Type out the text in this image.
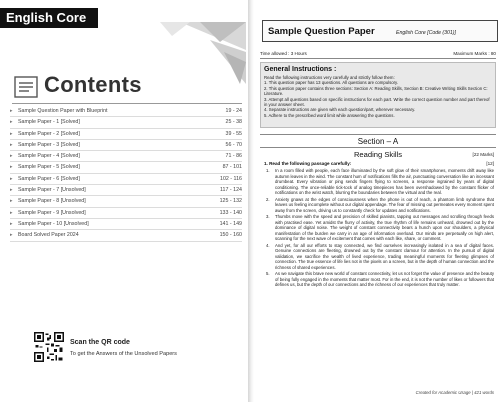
English Core
Contents
▸	Sample Question Paper with Blueprint	19 - 24
▸	Sample Paper - 1 [Solved]	25 - 38
▸	Sample Paper - 2 [Solved]	39 - 55
▸	Sample Paper - 3 [Solved]	56 - 70
▸	Sample Paper - 4 [Solved]	71 - 86
▸	Sample Paper - 5 [Solved]	87 - 101
▸	Sample Paper - 6 [Solved]	102 - 116
▸	Sample Paper - 7 [Unsolved]	117 - 124
▸	Sample Paper - 8 [Unsolved]	125 - 132
▸	Sample Paper - 9 [Unsolved]	133 - 140
▸	Sample Paper - 10 [Unsolved]	141 - 149
▸	Board Solved Paper 2024	150 - 160
Scan the QR code
To get the Answers of the Unsolved Papers
Sample Question Paper	English Core [Code (301)]
Time allowed : 3 Hours	Maximum Marks : 80
General Instructions :

Read the following instructions very carefully and strictly follow them:

1. This question paper has 13 questions. All questions are compulsory.

2. This question paper contains three sections: Section A: Reading Skills, Section B: Creative Writing Skills Section C: Literature.

3. Attempt all questions based on specific instructions for each part. Write the correct question number and part thereof in your answer sheet.

4. Separate instructions are given with each question/part, wherever necessary.

5. Adhere to the prescribed word limit while answering the questions.

Section – A
Reading Skills	[22 Marks]
1. Read the following passage carefully:	[12]
1.	In a room filled with people, each face illuminated by the soft glow of their smartphones, moments drift away like autumn leaves in the wind. The constant hum of notifications fills the air, punctuating conversation like an incessant drumbeat. Every vibration or ping sends fingers flying to screens, a response ingrained by years of digital conditioning. The once-reliable tick-tock of analog timepieces has been overshadowed by the constant flicker of notifications on the wrist watch, blurring the boundaries between the virtual and the real.
2.	Anxiety gnaws at the edges of consciousness when the phone is out of reach, a phantom limb syndrome that leaves us feeling incomplete without our digital appendage. The fear of missing out permeates every moment spent away from the screen, driving us to constantly check for updates and notifications.
3.	Thumbs move with the speed and precision of skilled pianists, tapping out messages and scrolling through feeds with practised ease. Yet amidst the flurry of activity, the true rhythm of life remains unheard, drowned out by the dominance of digital noise. The weight of constant connectivity bears a hunch upon our shoulders, a physical manifestation of the burden we carry in an age of information overload. Our minds are perpetually on high alert, scanning for the next wave of excitement that comes with each like, share, or comment.
4.	And yet, for all our efforts to stay connected, we find ourselves increasingly isolated in a sea of digital faces. Genuine connections are fleeting, drowned out by the constant clamour for attention. In the pursuit of digital validation, we sacrifice the wealth of lived experience, trading meaningful moments for fleeting glimpses of connection. The true essence of life lies not in the pixels on a screen, but in the depth of human connection and the richness of shared experiences.
5.	As we navigate this brave new world of constant connectivity, let us not forget the value of presence and the beauty of being fully engaged in the moments that matter most. For in the end, it is not the number of likes or followers that defines us, but the depth of our connections and the richness of our experiences that truly matter.
Created for Academic Usage | 421 words
